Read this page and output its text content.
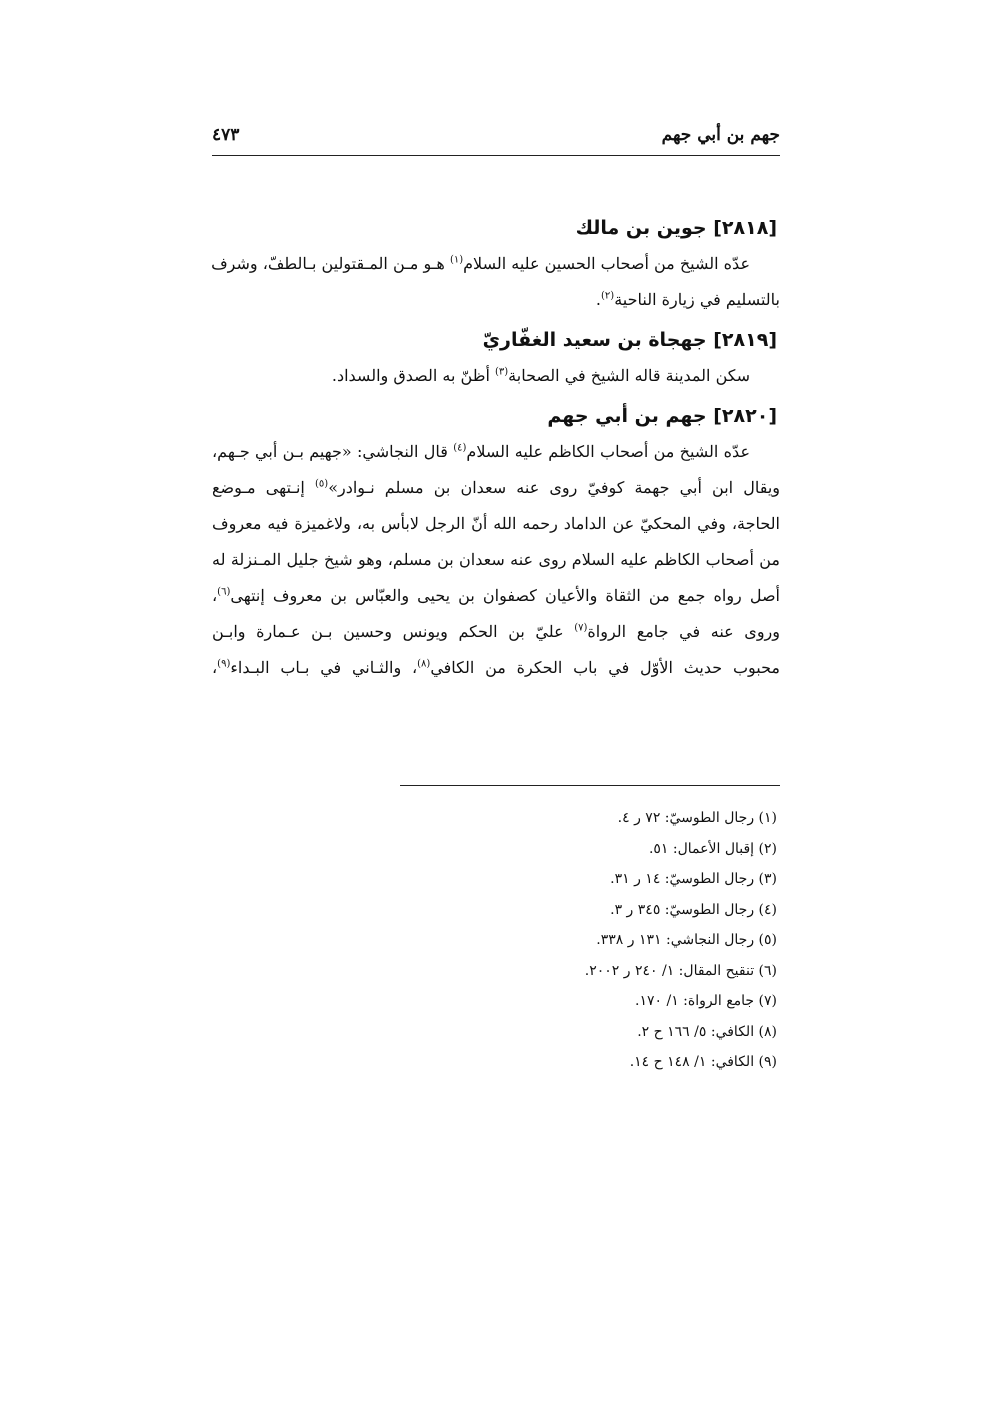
جهم بن أبي جهم
٤٧٣
[٢٨١٨] جوين بن مالك
عدّه الشيخ من أصحاب الحسين عليه السلام$^{(١)}$ هـو مـن المـقتولين بـالطفّ، وشرف
بالتسليم في زيارة الناحية$^{(٢)}$.
[٢٨١٩] جهجاة بن سعيد الغفّاريّ
سكن المدينة قاله الشيخ في الصحابة$^{(٣)}$ أظنّ به الصدق والسداد.
[٢٨٢٠] جهم بن أبي جهم
عدّه الشيخ من أصحاب الكاظم عليه السلام$^{(٤)}$ قال النجاشي: «جهيم بـن أبي جـهم،
ويقال ابن أبي جهمة كوفيّ روى عنه سعدان بن مسلم نـوادر»$^{(٥)}$ إنـتهى مـوضع
الحاجة، وفي المحكيّ عن الداماد رحمه الله أنّ الرجل لابأس به، ولاغميزة فيه معروف
من أصحاب الكاظم عليه السلام روى عنه سعدان بن مسلم، وهو شيخ جليل المـنزلة له
أصل رواه جمع من الثقاة والأعيان كصفوان بن يحيى والعبّاس بن معروف إنتهى$^{(٦)}$،
وروى عنه في جامع الرواة$^{(٧)}$ عليّ بن الحكم ويونس وحسين بـن عـمارة وابـن
محبوب حديث الأوّل في باب الحكرة من الكافي$^{(٨)}$، والثـاني في بـاب البـداء$^{(٩)}$،
(١) رجال الطوسيّ: ٧٢ ر ٤.
(٢) إقبال الأعمال: ٥١.
(٣) رجال الطوسيّ: ١٤ ر ٣١.
(٤) رجال الطوسيّ: ٣٤٥ ر ٣.
(٥) رجال النجاشي: ١٣١ ر ٣٣٨.
(٦) تنقيح المقال: ١/ ٢٤٠ ر ٢٠٠٢.
(٧) جامع الرواة: ١/ ١٧٠.
(٨) الكافي: ٥/ ١٦٦ ح ٢.
(٩) الكافي: ١/ ١٤٨ ح ١٤.
